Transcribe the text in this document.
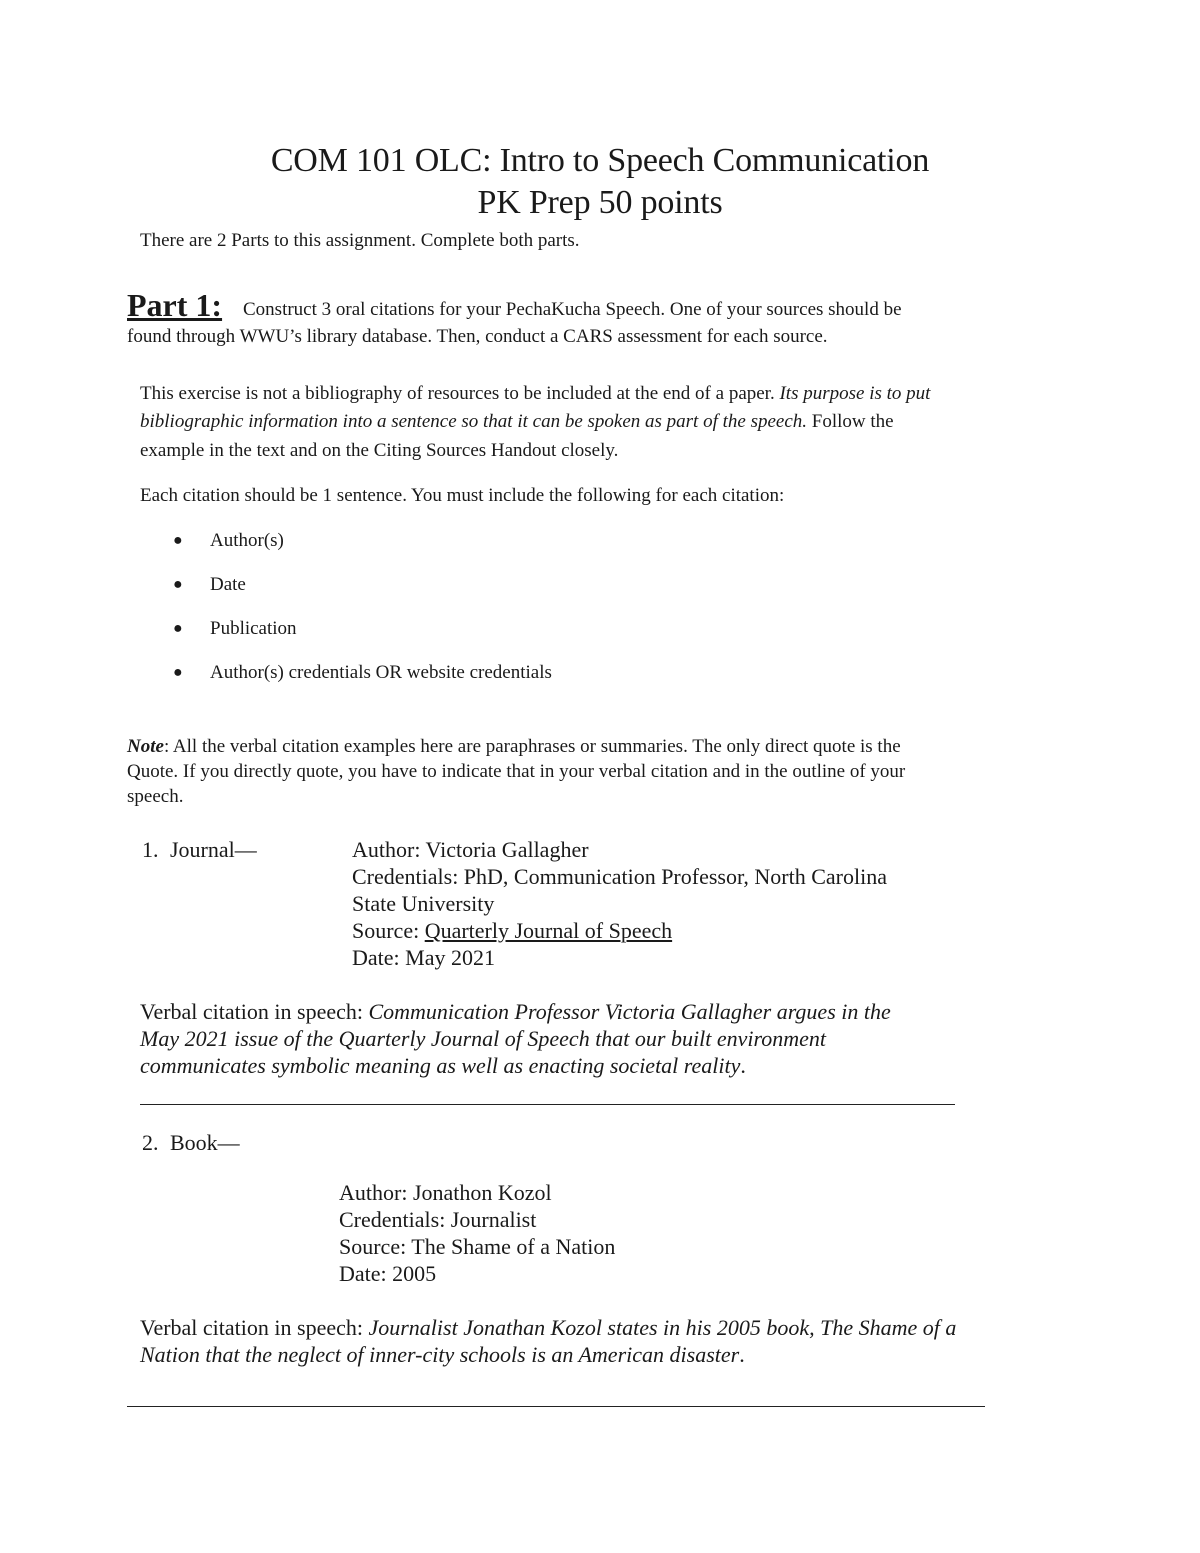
COM 101 OLC: Intro to Speech Communication
PK Prep 50 points
There are 2 Parts to this assignment. Complete both parts.
Part 1: Construct 3 oral citations for your PechaKucha Speech. One of your sources should be
found through WWU’s library database. Then, conduct a CARS assessment for each source.
This exercise is not a bibliography of resources to be included at the end of a paper. Its purpose is to put
bibliographic information into a sentence so that it can be spoken as part of the speech. Follow the
example in the text and on the Citing Sources Handout closely.
Each citation should be 1 sentence. You must include the following for each citation:
● Author(s)
● Date
● Publication
● Author(s) credentials OR website credentials
Note: All the verbal citation examples here are paraphrases or summaries. The only direct quote is the
Quote. If you directly quote, you have to indicate that in your verbal citation and in the outline of your
speech.
1. Journal—	Author: Victoria Gallagher
Credentials: PhD, Communication Professor, North Carolina
State University
Source: Quarterly Journal of Speech
Date: May 2021
Verbal citation in speech: Communication Professor Victoria Gallagher argues in the
May 2021 issue of the Quarterly Journal of Speech that our built environment
communicates symbolic meaning as well as enacting societal reality.
2. Book—
Author: Jonathon Kozol
Credentials: Journalist
Source: The Shame of a Nation
Date: 2005
Verbal citation in speech: Journalist Jonathan Kozol states in his 2005 book, The Shame of a
Nation that the neglect of inner-city schools is an American disaster.
